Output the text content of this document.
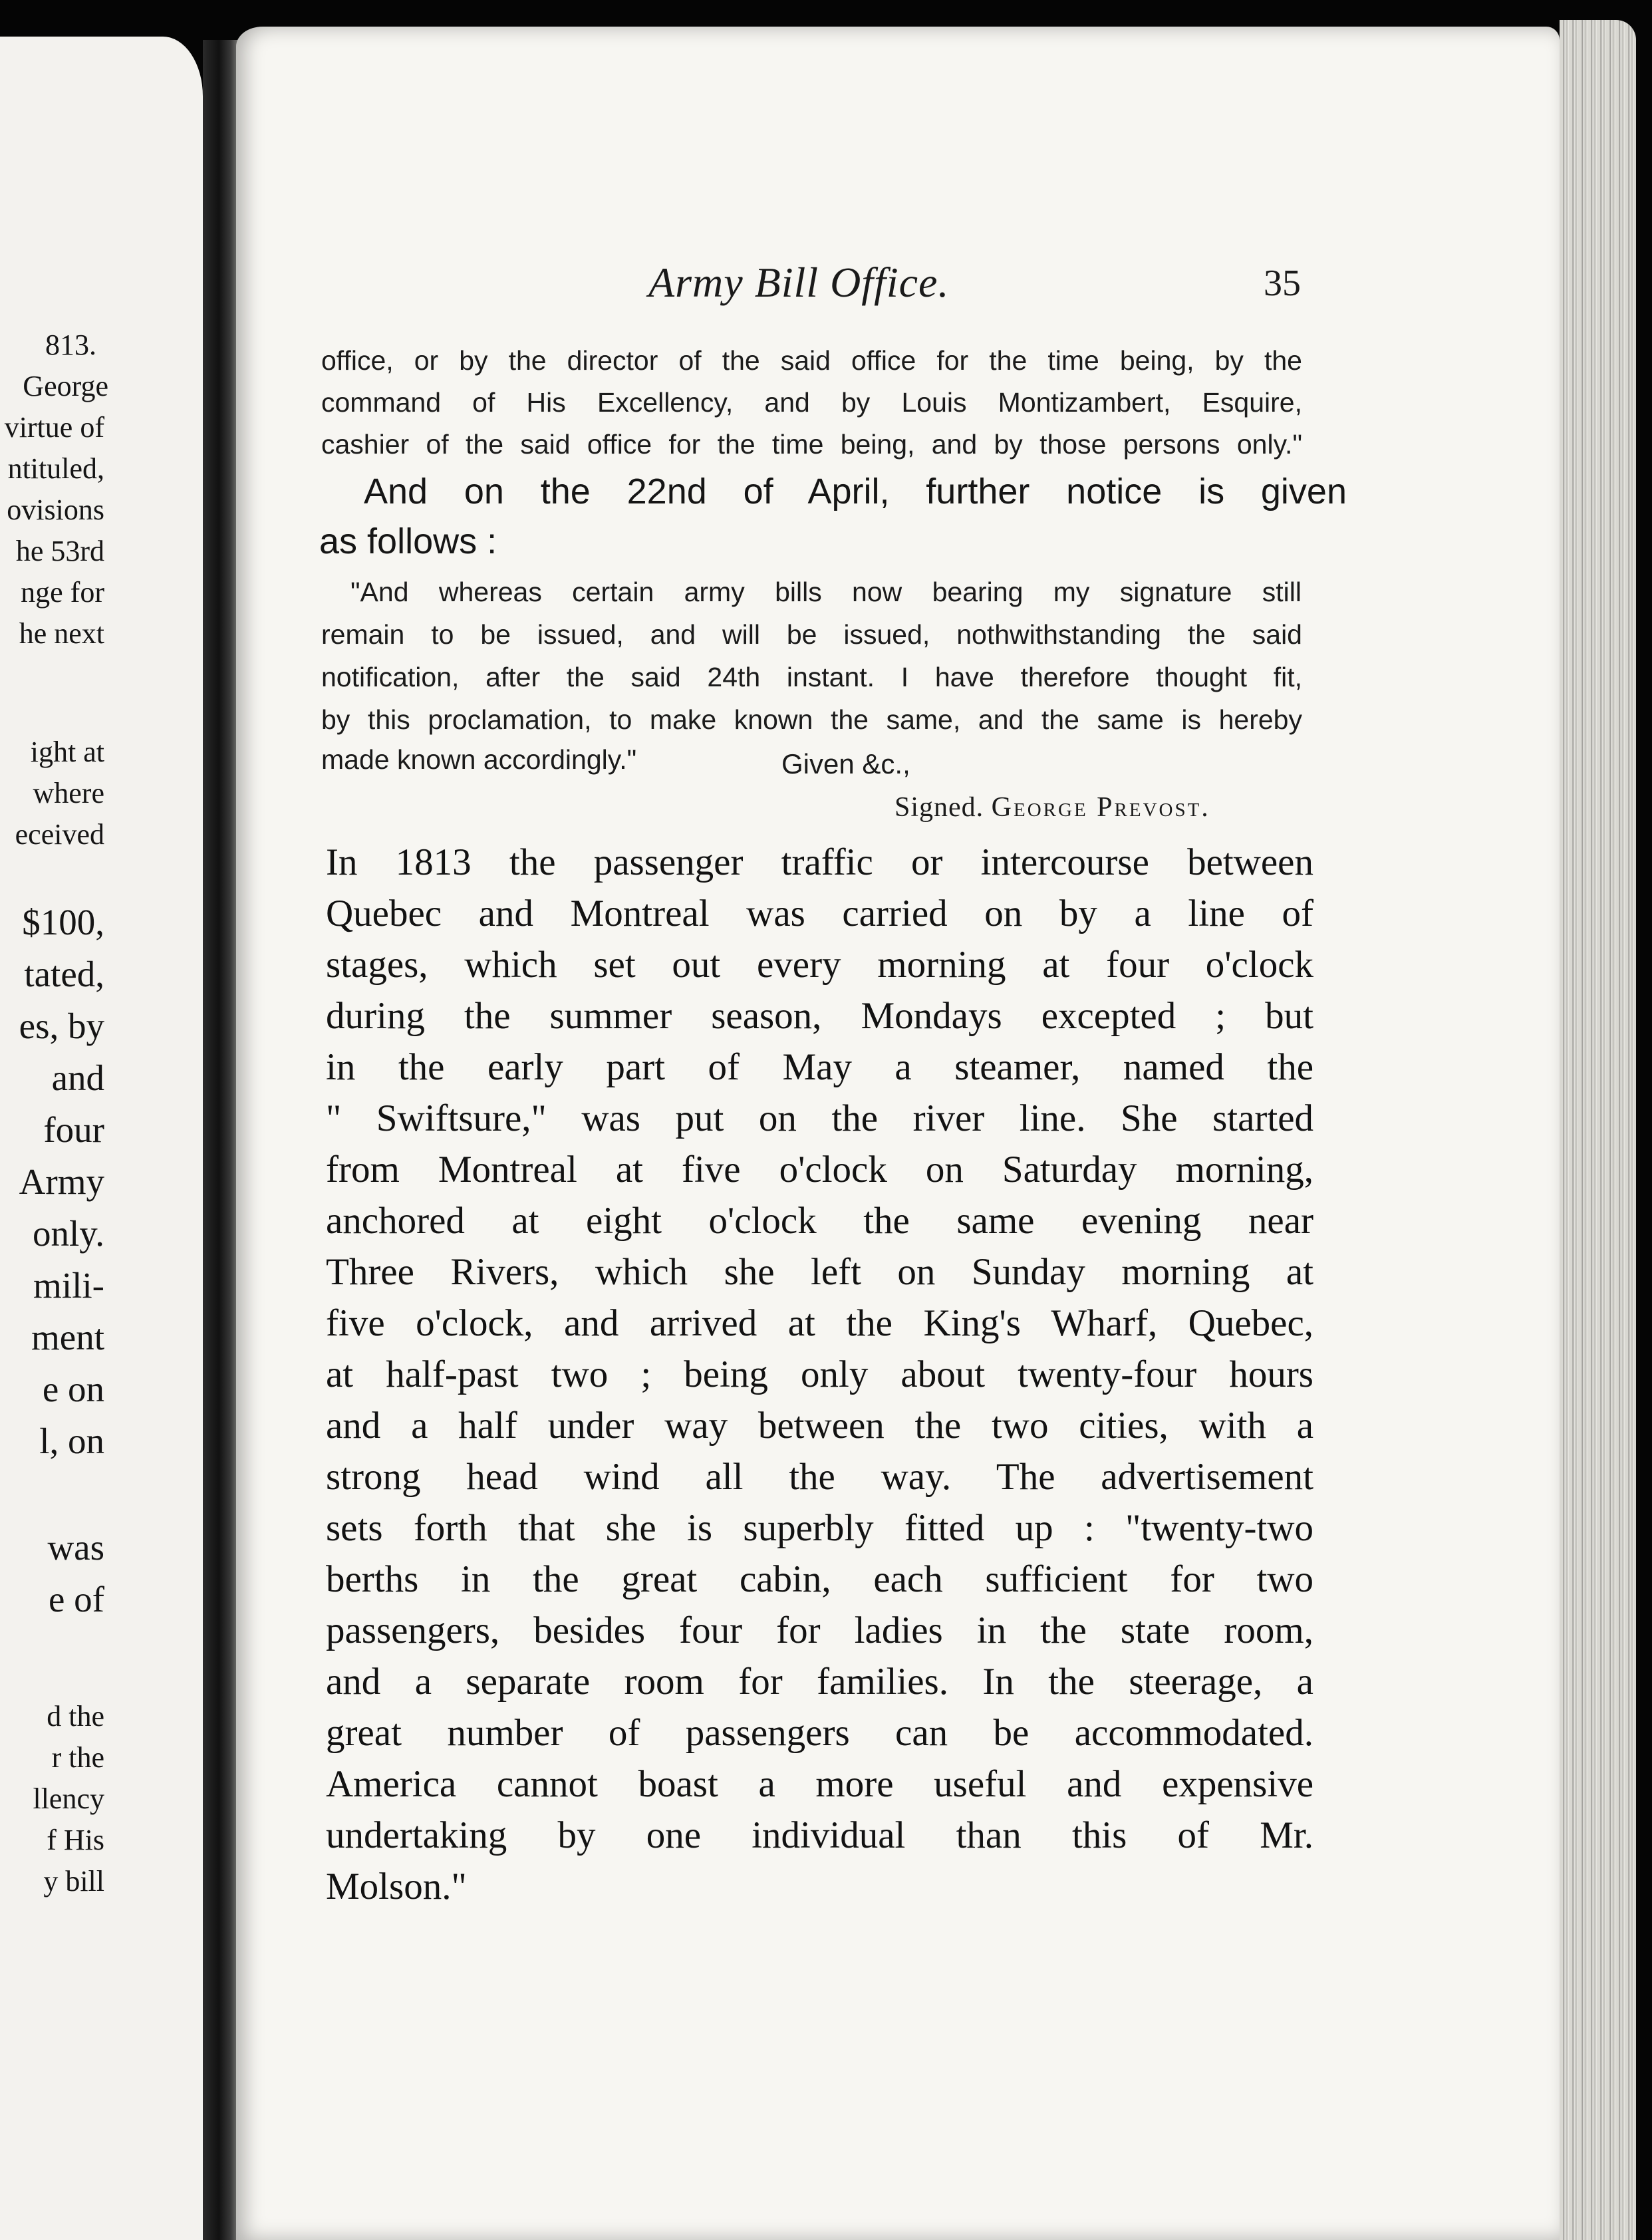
813.
George
virtue of
ntituled,
ovisions
he 53rd
nge for
he next
ight at
where
eceived
$100,
tated,
es, by
and
four
Army
only.
mili-
ment
e on
l, on
was
e of
d the
r the
llency
f His
y bill
Army Bill Office.	35
office, or by the director of the said office for the time being, by the
command of His Excellency, and by Louis Montizambert, Esquire,
cashier of the said office for the time being, and by those persons only."
And on the 22nd of April, further notice is given
as follows :
"And whereas certain army bills now bearing my signature still
remain to be issued, and will be issued, nothwithstanding the said
notification, after the said 24th instant. I have therefore thought fit,
by this proclamation, to make known the same, and the same is hereby
made known accordingly."	Given &c.,
Signed. George Prevost.
In 1813 the passenger traffic or intercourse between
Quebec and Montreal was carried on by a line of
stages, which set out every morning at four o'clock
during the summer season, Mondays excepted ; but
in the early part of May a steamer, named the
" Swiftsure," was put on the river line. She started
from Montreal at five o'clock on Saturday morning,
anchored at eight o'clock the same evening near
Three Rivers, which she left on Sunday morning at
five o'clock, and arrived at the King's Wharf, Quebec,
at half-past two ; being only about twenty-four hours
and a half under way between the two cities, with a
strong head wind all the way. The advertisement
sets forth that she is superbly fitted up : "twenty-two
berths in the great cabin, each sufficient for two
passengers, besides four for ladies in the state room,
and a separate room for families. In the steerage, a
great number of passengers can be accommodated.
America cannot boast a more useful and expensive
undertaking by one individual than this of Mr.
Molson."
